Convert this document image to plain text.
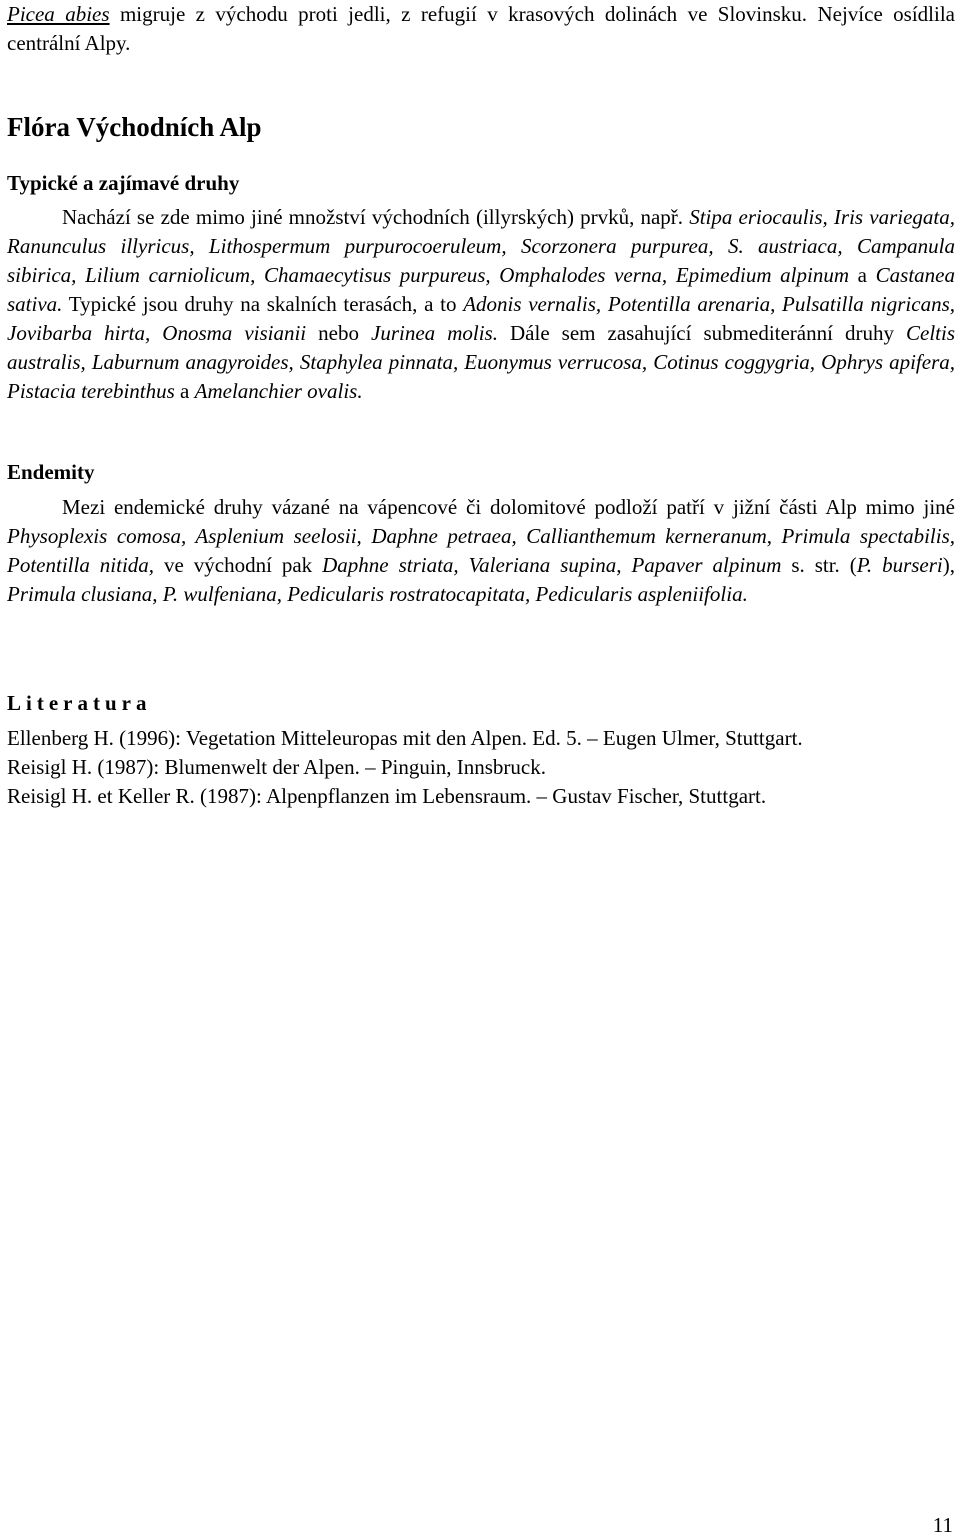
Picea abies migruje z východu proti jedli, z refugií v krasových dolinách ve Slovinsku. Nejvíce osídlila centrální Alpy.

Flóra Východních Alp
Typické a zajímavé druhy

Nachází se zde mimo jiné množství východních (illyrských) prvků, např. Stipa eriocaulis, Iris variegata, Ranunculus illyricus, Lithospermum purpurocoeruleum, Scorzonera purpurea, S. austriaca, Campanula sibirica, Lilium carniolicum, Chamaecytisus purpureus, Omphalodes verna, Epimedium alpinum a Castanea sativa. Typické jsou druhy na skalních terasách, a to Adonis vernalis, Potentilla arenaria, Pulsatilla nigricans, Jovibarba hirta, Onosma visianii nebo Jurinea molis. Dále sem zasahující submediteránní druhy Celtis australis, Laburnum anagyroides, Staphylea pinnata, Euonymus verrucosa, Cotinus coggygria, Ophrys apifera, Pistacia terebinthus a Amelanchier ovalis.

Endemity

Mezi endemické druhy vázané na vápencové či dolomitové podloží patří v jižní části Alp mimo jiné Physoplexis comosa, Asplenium seelosii, Daphne petraea, Callianthemum kerneranum, Primula spectabilis, Potentilla nitida, ve východní pak Daphne striata, Valeriana supina, Papaver alpinum s. str. (P. burseri), Primula clusiana, P. wulfeniana, Pedicularis rostratocapitata, Pedicularis aspleniifolia.

Literatura

Ellenberg H. (1996): Vegetation Mitteleuropas mit den Alpen. Ed. 5. – Eugen Ulmer, Stuttgart.

Reisigl H. (1987): Blumenwelt der Alpen. – Pinguin, Innsbruck.

Reisigl H. et Keller R. (1987): Alpenpflanzen im Lebensraum. – Gustav Fischer, Stuttgart.

11
